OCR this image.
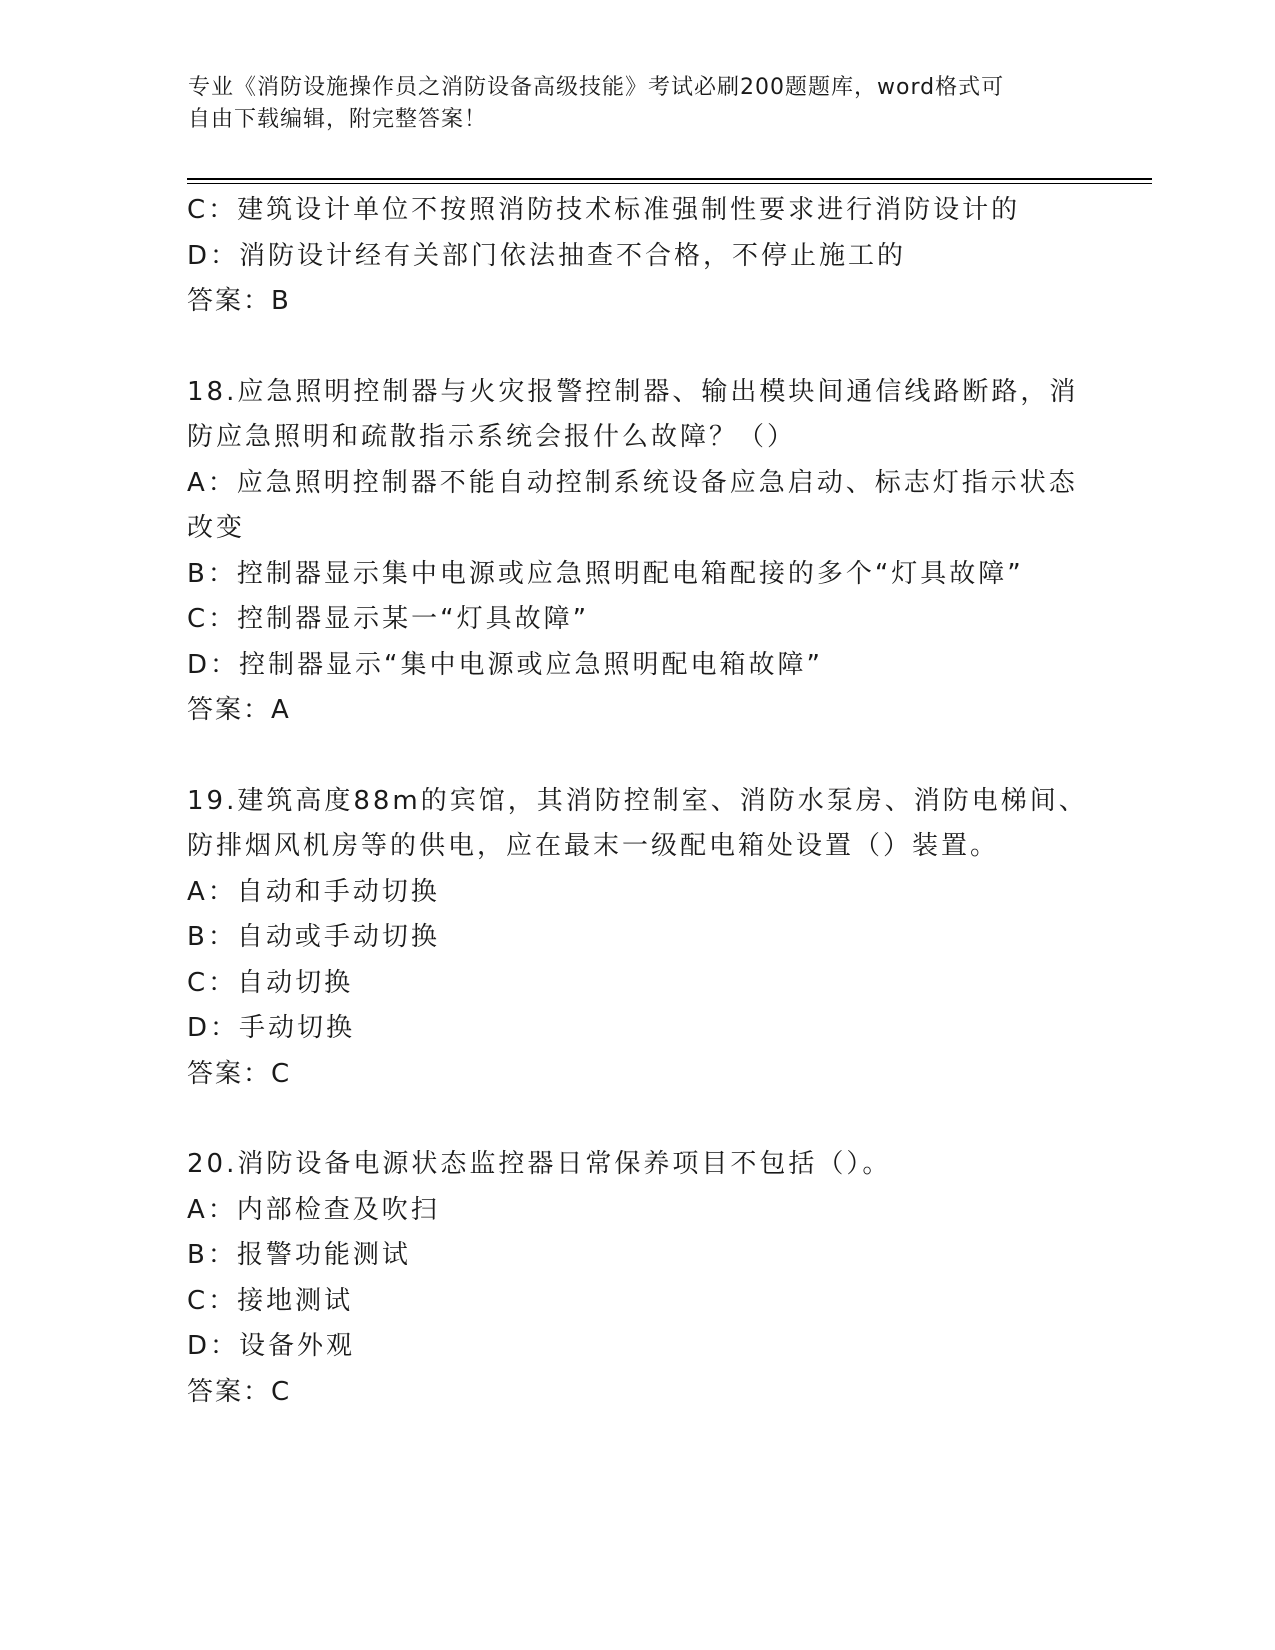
专业《消防设施操作员之消防设备高级技能》考试必刷200题题库，word格式可
自由下载编辑，附完整答案！
C：建筑设计单位不按照消防技术标准强制性要求进行消防设计的
D：消防设计经有关部门依法抽查不合格，不停止施工的
答案：B
18.应急照明控制器与火灾报警控制器、输出模块间通信线路断路，消
防应急照明和疏散指示系统会报什么故障？（）
A：应急照明控制器不能自动控制系统设备应急启动、标志灯指示状态
改变
B：控制器显示集中电源或应急照明配电箱配接的多个“灯具故障”
C：控制器显示某一“灯具故障”
D：控制器显示“集中电源或应急照明配电箱故障”
答案：A
19.建筑高度88m的宾馆，其消防控制室、消防水泵房、消防电梯间、
防排烟风机房等的供电，应在最末一级配电箱处设置（）装置。
A：自动和手动切换
B：自动或手动切换
C：自动切换
D：手动切换
答案：C
20.消防设备电源状态监控器日常保养项目不包括（）。
A：内部检查及吹扫
B：报警功能测试
C：接地测试
D：设备外观
答案：C
